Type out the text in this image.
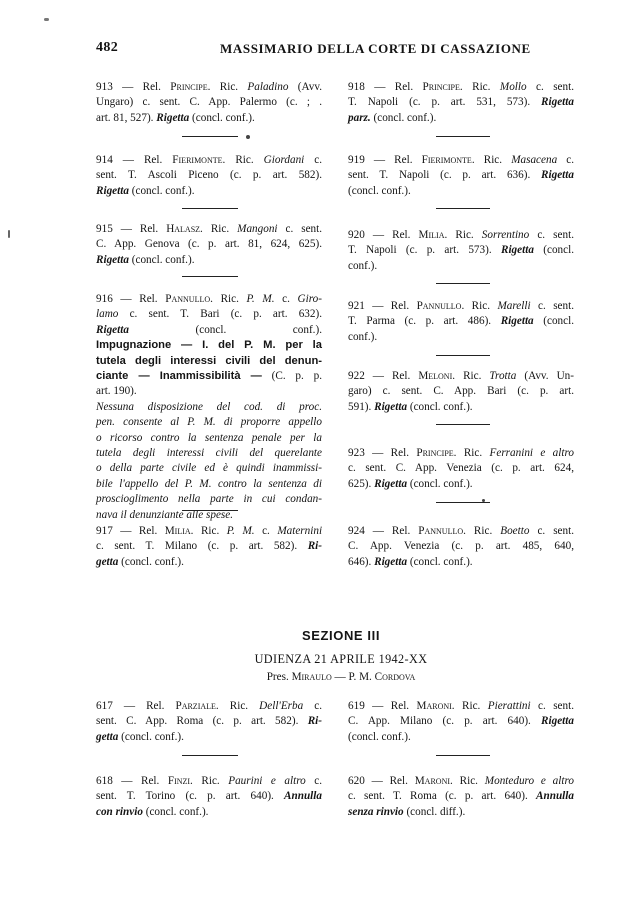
482	MASSIMARIO DELLA CORTE DI CASSAZIONE
913 — Rel. Principe. Ric. Paladino (Avv.
Ungaro) c. sent. C. App. Palermo (c. ; .
art. 81, 527). Rigetta (concl. conf.).
914 — Rel. Fierimonte. Ric. Giordani c.
sent. T. Ascoli Piceno (c. p. art. 582).
Rigetta (concl. conf.).
915 — Rel. Halasz. Ric. Mangoni c. sent.
C. App. Genova (c. p. art. 81, 624, 625).
Rigetta (concl. conf.).
916 — Rel. Pannullo. Ric. P. M. c. Giro-
lamo c. sent. T. Bari (c. p. art. 632).
Rigetta	(concl. conf.).
Impugnazione — I. del P. M. per la
tutela degli interessi civili del denun-
ciante — Inammissibilità — (C. p. p.
art. 190).
Nessuna disposizione del cod. di proc.
pen. consente al P. M. di proporre appello
o ricorso contro la sentenza penale per la
tutela degli interessi civili del querelante
o della parte civile ed è quindi inammissi-
bile l'appello del P. M. contro la sentenza di
proscioglimento nella parte in cui condan-
nava il denunziante alle spese.
917 — Rel. Milia. Ric. P. M. c. Maternini
c. sent. T. Milano (c. p. art. 582). Ri-
getta (concl. conf.).
918 — Rel. Principe. Ric. Mollo c. sent.
T. Napoli (c. p. art. 531, 573). Rigetta
parz. (concl. conf.).
919 — Rel. Fierimonte. Ric. Masacena c.
sent. T. Napoli (c. p. art. 636). Rigetta
(concl. conf.).
920 — Rel. Milia. Ric. Sorrentino c. sent.
T. Napoli (c. p. art. 573). Rigetta (concl.
conf.).
921 — Rel. Pannullo. Ric. Marelli c. sent.
T. Parma (c. p. art. 486). Rigetta (concl.
conf.).
922 — Rel. Meloni. Ric. Trotta (Avv. Un-
garo) c. sent. C. App. Bari (c. p. art.
591). Rigetta (concl. conf.).
923 — Rel. Principe. Ric. Ferranini e altro
c. sent. C. App. Venezia (c. p. art. 624,
625). Rigetta (concl. conf.).
924 — Rel. Pannullo. Ric. Boetto c. sent.
C. App. Venezia (c. p. art. 485, 640,
646). Rigetta (concl. conf.).
SEZIONE III
UDIENZA 21 APRILE 1942-XX
Pres. Miraulo — P. M. Cordova
617 — Rel. Parziale. Ric. Dell'Erba c.
sent. C. App. Roma (c. p. art. 582). Ri-
getta (concl. conf.).
618 — Rel. Finzi. Ric. Paurini e altro c.
sent. T. Torino (c. p. art. 640). Annulla
con rinvio (concl. conf.).
619 — Rel. Maroni. Ric. Pierattini c. sent.
C. App. Milano (c. p. art. 640). Rigetta
(concl. conf.).
620 — Rel. Maroni. Ric. Monteduro e altro
c. sent. T. Roma (c. p. art. 640). Annulla
senza rinvio (concl. diff.).
